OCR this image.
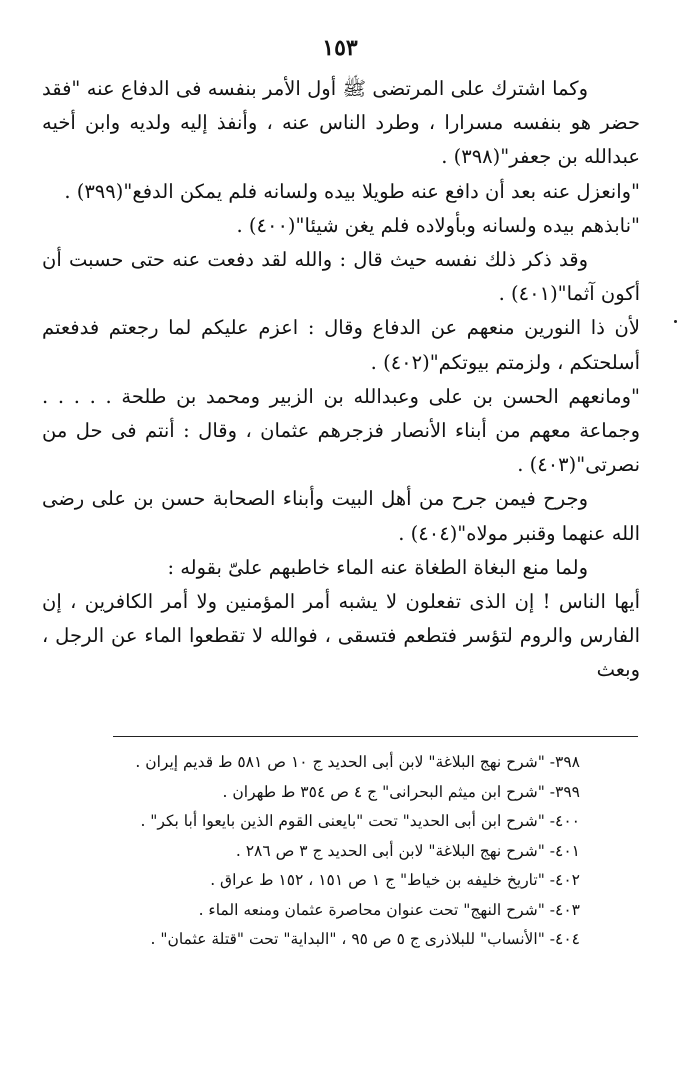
١٥٣

وكما اشترك على المرتضى ﷺ أول الأمر بنفسه فى الدفاع عنه "فقد حضر هو بنفسه مسرارا ، وطرد الناس عنه ، وأنفذ إليه ولديه وابن أخيه عبدالله بن جعفر"(٣٩٨) .

"وانعزل عنه بعد أن دافع عنه طويلا بيده ولسانه فلم يمكن الدفع"(٣٩٩) .

"نابذهم بيده ولسانه وبأولاده فلم يغن شيئا"(٤٠٠) .

وقد ذكر ذلك نفسه حيث قال : والله لقد دفعت عنه حتى حسبت أن أكون آثما"(٤٠١) .

لأن ذا النورين منعهم عن الدفاع وقال : اعزم عليكم لما رجعتم فدفعتم أسلحتكم ، ولزمتم بيوتكم"(٤٠٢) .

"ومانعهم الحسن بن على وعبدالله بن الزبير ومحمد بن طلحة . . . . . وجماعة معهم من أبناء الأنصار فزجرهم عثمان ، وقال : أنتم فى حل من نصرتى"(٤٠٣) .

وجرح فيمن جرح من أهل البيت وأبناء الصحابة حسن بن على رضى الله عنهما وقنبر مولاه"(٤٠٤) .

ولما منع البغاة الطغاة عنه الماء خاطبهم علىّ بقوله :

أيها الناس ! إن الذى تفعلون لا يشبه أمر المؤمنين ولا أمر الكافرين ، إن الفارس والروم لتؤسر فتطعم فتسقى ، فوالله لا تقطعوا الماء عن الرجل ، وبعث

٣٩٨- "شرح نهج البلاغة" لابن أبى الحديد ج ١٠ ص ٥٨١ ط قديم إيران .

٣٩٩- "شرح ابن ميثم البحرانى" ج ٤ ص ٣٥٤ ط طهران .

٤٠٠- "شرح ابن أبى الحديد" تحت "بايعنى القوم الذين بايعوا أبا بكر" .

٤٠١- "شرح نهج البلاغة" لابن أبى الحديد ج ٣ ص ٢٨٦ .

٤٠٢- "تاريخ خليفه بن خياط" ج ١ ص ١٥١ ، ١٥٢ ط عراق .

٤٠٣- "شرح النهج" تحت عنوان محاصرة عثمان ومنعه الماء .

٤٠٤- "الأنساب" للبلاذرى ج ٥ ص ٩٥ ، "البداية" تحت "قتلة عثمان" .
